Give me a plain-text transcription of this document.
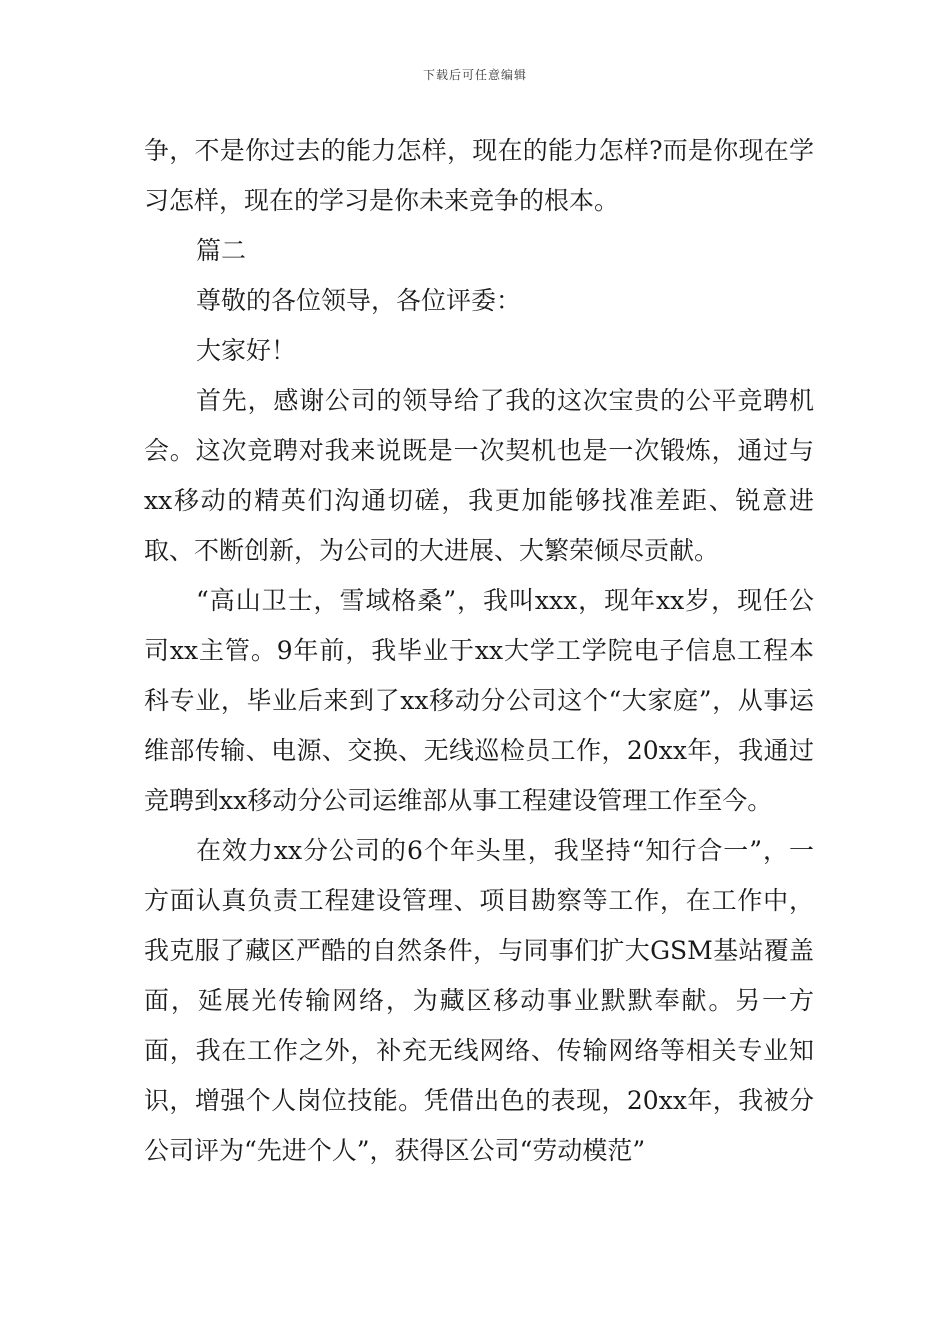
下载后可任意编辑

争，不是你过去的能力怎样，现在的能力怎样?而是你现在学习怎样，现在的学习是你未来竞争的根本。

篇二

尊敬的各位领导，各位评委：

大家好！

首先，感谢公司的领导给了我的这次宝贵的公平竞聘机会。这次竞聘对我来说既是一次契机也是一次锻炼，通过与xx移动的精英们沟通切磋，我更加能够找准差距、锐意进取、不断创新，为公司的大进展、大繁荣倾尽贡献。

“高山卫士，雪域格桑”，我叫xxx，现年xx岁，现任公司xx主管。9年前，我毕业于xx大学工学院电子信息工程本科专业，毕业后来到了xx移动分公司这个“大家庭”，从事运维部传输、电源、交换、无线巡检员工作，20xx年，我通过竞聘到xx移动分公司运维部从事工程建设管理工作至今。

在效力xx分公司的6个年头里，我坚持“知行合一”，一方面认真负责工程建设管理、项目勘察等工作，在工作中，我克服了藏区严酷的自然条件，与同事们扩大GSM基站覆盖面，延展光传输网络，为藏区移动事业默默奉献。另一方面，我在工作之外，补充无线网络、传输网络等相关专业知识，增强个人岗位技能。凭借出色的表现，20xx年，我被分公司评为“先进个人”，获得区公司“劳动模范”
